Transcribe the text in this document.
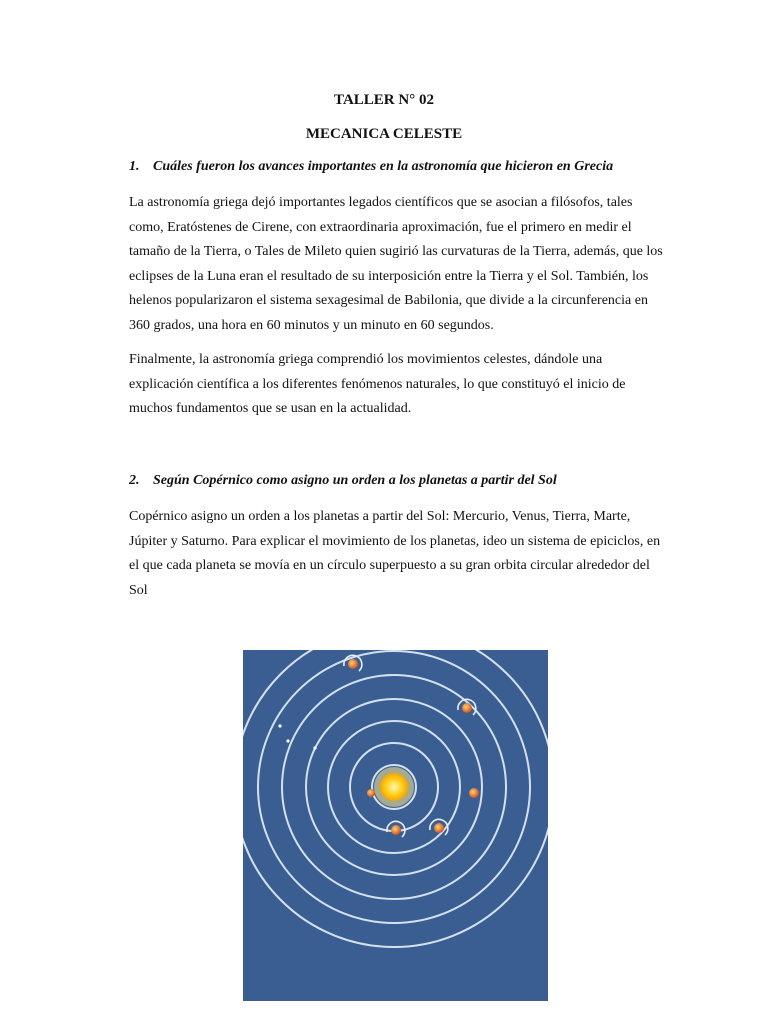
TALLER N° 02
MECANICA CELESTE

1. Cuáles fueron los avances importantes en la astronomía que hicieron en Grecia

La astronomía griega dejó importantes legados científicos que se asocian a filósofos, tales
como, Eratóstenes de Cirene, con extraordinaria aproximación, fue el primero en medir el
tamaño de la Tierra, o Tales de Mileto quien sugirió las curvaturas de la Tierra, además, que los
eclipses de la Luna eran el resultado de su interposición entre la Tierra y el Sol. También, los
helenos popularizaron el sistema sexagesimal de Babilonia, que divide a la circunferencia en
360 grados, una hora en 60 minutos y un minuto en 60 segundos.

Finalmente, la astronomía griega comprendió los movimientos celestes, dándole una
explicación científica a los diferentes fenómenos naturales, lo que constituyó el inicio de
muchos fundamentos que se usan en la actualidad.

2. Según Copérnico como asigno un orden a los planetas a partir del Sol

Copérnico asigno un orden a los planetas a partir del Sol: Mercurio, Venus, Tierra, Marte,
Júpiter y Saturno. Para explicar el movimiento de los planetas, ideo un sistema de epiciclos, en
el que cada planeta se movía en un círculo superpuesto a su gran orbita circular alrededor del
Sol
